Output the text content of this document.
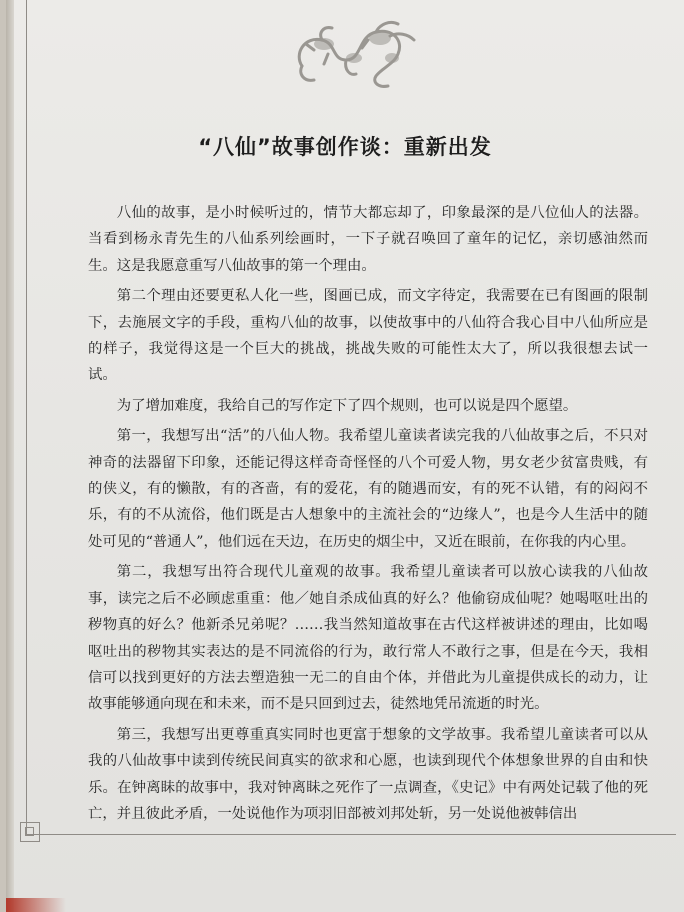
“八仙”故事创作谈：重新出发

八仙的故事，是小时候听过的，情节大都忘却了，印象最深的是八位仙人的法器。当看到杨永青先生的八仙系列绘画时，一下子就召唤回了童年的记忆，亲切感油然而生。这是我愿意重写八仙故事的第一个理由。

第二个理由还要更私人化一些，图画已成，而文字待定，我需要在已有图画的限制下，去施展文字的手段，重构八仙的故事，以使故事中的八仙符合我心目中八仙所应是的样子，我觉得这是一个巨大的挑战，挑战失败的可能性太大了，所以我很想去试一试。

为了增加难度，我给自己的写作定下了四个规则，也可以说是四个愿望。

第一，我想写出“活”的八仙人物。我希望儿童读者读完我的八仙故事之后，不只对神奇的法器留下印象，还能记得这样奇奇怪怪的八个可爱人物，男女老少贫富贵贱，有的侠义，有的懒散，有的吝啬，有的爱花，有的随遇而安，有的死不认错，有的闷闷不乐，有的不从流俗，他们既是古人想象中的主流社会的“边缘人”，也是今人生活中的随处可见的“普通人”，他们远在天边，在历史的烟尘中，又近在眼前，在你我的内心里。

第二，我想写出符合现代儿童观的故事。我希望儿童读者可以放心读我的八仙故事，读完之后不必顾虑重重：他／她自杀成仙真的好么？他偷窃成仙呢？她喝呕吐出的秽物真的好么？他新杀兄弟呢？……我当然知道故事在古代这样被讲述的理由，比如喝呕吐出的秽物其实表达的是不同流俗的行为，敢行常人不敢行之事，但是在今天，我相信可以找到更好的方法去塑造独一无二的自由个体，并借此为儿童提供成长的动力，让故事能够通向现在和未来，而不是只回到过去，徒然地凭吊流逝的时光。

第三，我想写出更尊重真实同时也更富于想象的文学故事。我希望儿童读者可以从我的八仙故事中读到传统民间真实的欲求和心愿，也读到现代个体想象世界的自由和快乐。在钟离眛的故事中，我对钟离眛之死作了一点调查，《史记》中有两处记载了他的死亡，并且彼此矛盾，一处说他作为项羽旧部被刘邦处斩，另一处说他被韩信出
